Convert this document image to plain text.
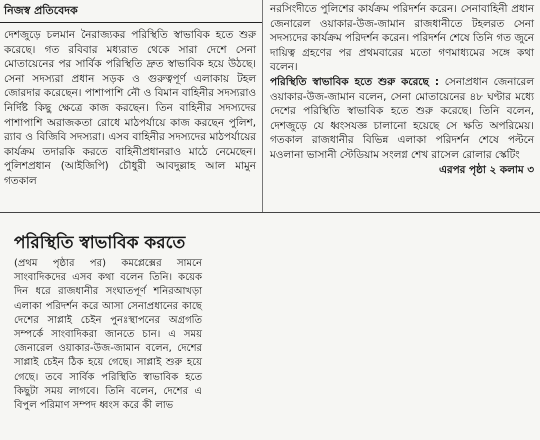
নিজস্ব প্রতিবেদক

দেশজুড়ে চলমান নৈরাজ্যকর পরিস্থিতি স্বাভাবিক হতে শুরু করেছে। গত রবিবার মধ্যরাত থেকে সারা দেশে সেনা মোতায়েনের পর সার্বিক পরিস্থিতি দ্রুত স্বাভাবিক হয়ে উঠছে। সেনা সদস্যরা প্রধান সড়ক ও গুরুত্বপূর্ণ এলাকায় টহল জোরদার করেছেন। পাশাপাশি নৌ ও বিমান বাহিনীর সদস্যরাও নির্দিষ্ট কিছু ক্ষেত্রে কাজ করছেন। তিন বাহিনীর সদস্যদের পাশাপাশি অরাজকতা রোধে মাঠপর্যায়ে কাজ করছেন পুলিশ, র‍্যাব ও বিজিবি সদস্যরা। এসব বাহিনীর সদস্যদের মাঠপর্যায়ের কার্যক্রম তদারকি করতে বাহিনীপ্রধানরাও মাঠে নেমেছেন। পুলিশপ্রধান (আইজিপি) চৌধুরী আবদুল্লাহ আল মামুন গতকাল

নরসিংদীতে পুলিশের কার্যক্রম পরিদর্শন করেন। সেনাবাহিনী প্রধান জেনারেল ওয়াকার-উজ-জামান রাজধানীতে টহলরত সেনা সদস্যদের কার্যক্রম পরিদর্শন করেন। পরিদর্শন শেষে তিনি গত জুনে দায়িত্ব গ্রহণের পর প্রথমবারের মতো গণমাধ্যমের সঙ্গে কথা বলেন।

পরিস্থিতি স্বাভাবিক হতে শুরু করেছে : সেনাপ্রধান জেনারেল ওয়াকার-উজ-জামান বলেন, সেনা মোতায়েনের ৪৮ ঘণ্টার মধ্যে দেশের পরিস্থিতি স্বাভাবিক হতে শুরু করেছে। তিনি বলেন, দেশজুড়ে যে ধ্বংসযজ্ঞ চালানো হয়েছে সে ক্ষতি অপরিমেয়। গতকাল রাজধানীর বিভিন্ন এলাকা পরিদর্শন শেষে পল্টনে মওলানা ভাসানী স্টেডিয়াম সংলগ্ন শেখ রাসেল রোলার স্কেটিং

এরপর পৃষ্ঠা ২ কলাম ৩
পরিস্থিতি স্বাভাবিক করতে

(প্রথম পৃষ্ঠার পর) কমপ্লেক্সের সামনে সাংবাদিকদের এসব কথা বলেন তিনি। কয়েক দিন ধরে রাজধানীর সংঘাতপূর্ণ শনিরআখড়া এলাকা পরিদর্শন করে আসা সেনাপ্রধানের কাছে দেশের সাপ্লাই চেইন পুনঃস্থাপনের অগ্রগতি সম্পর্কে সাংবাদিকরা জানতে চান। এ সময় জেনারেল ওয়াকার-উজ-জামান বলেন, দেশের সাপ্লাই চেইন ঠিক হয়ে গেছে। সাপ্লাই শুরু হয়ে গেছে। তবে সার্বিক পরিস্থিতি স্বাভাবিক হতে কিছুটা সময় লাগবে। তিনি বলেন, দেশের এ বিপুল পরিমাণ সম্পদ ধ্বংস করে কী লাভ
